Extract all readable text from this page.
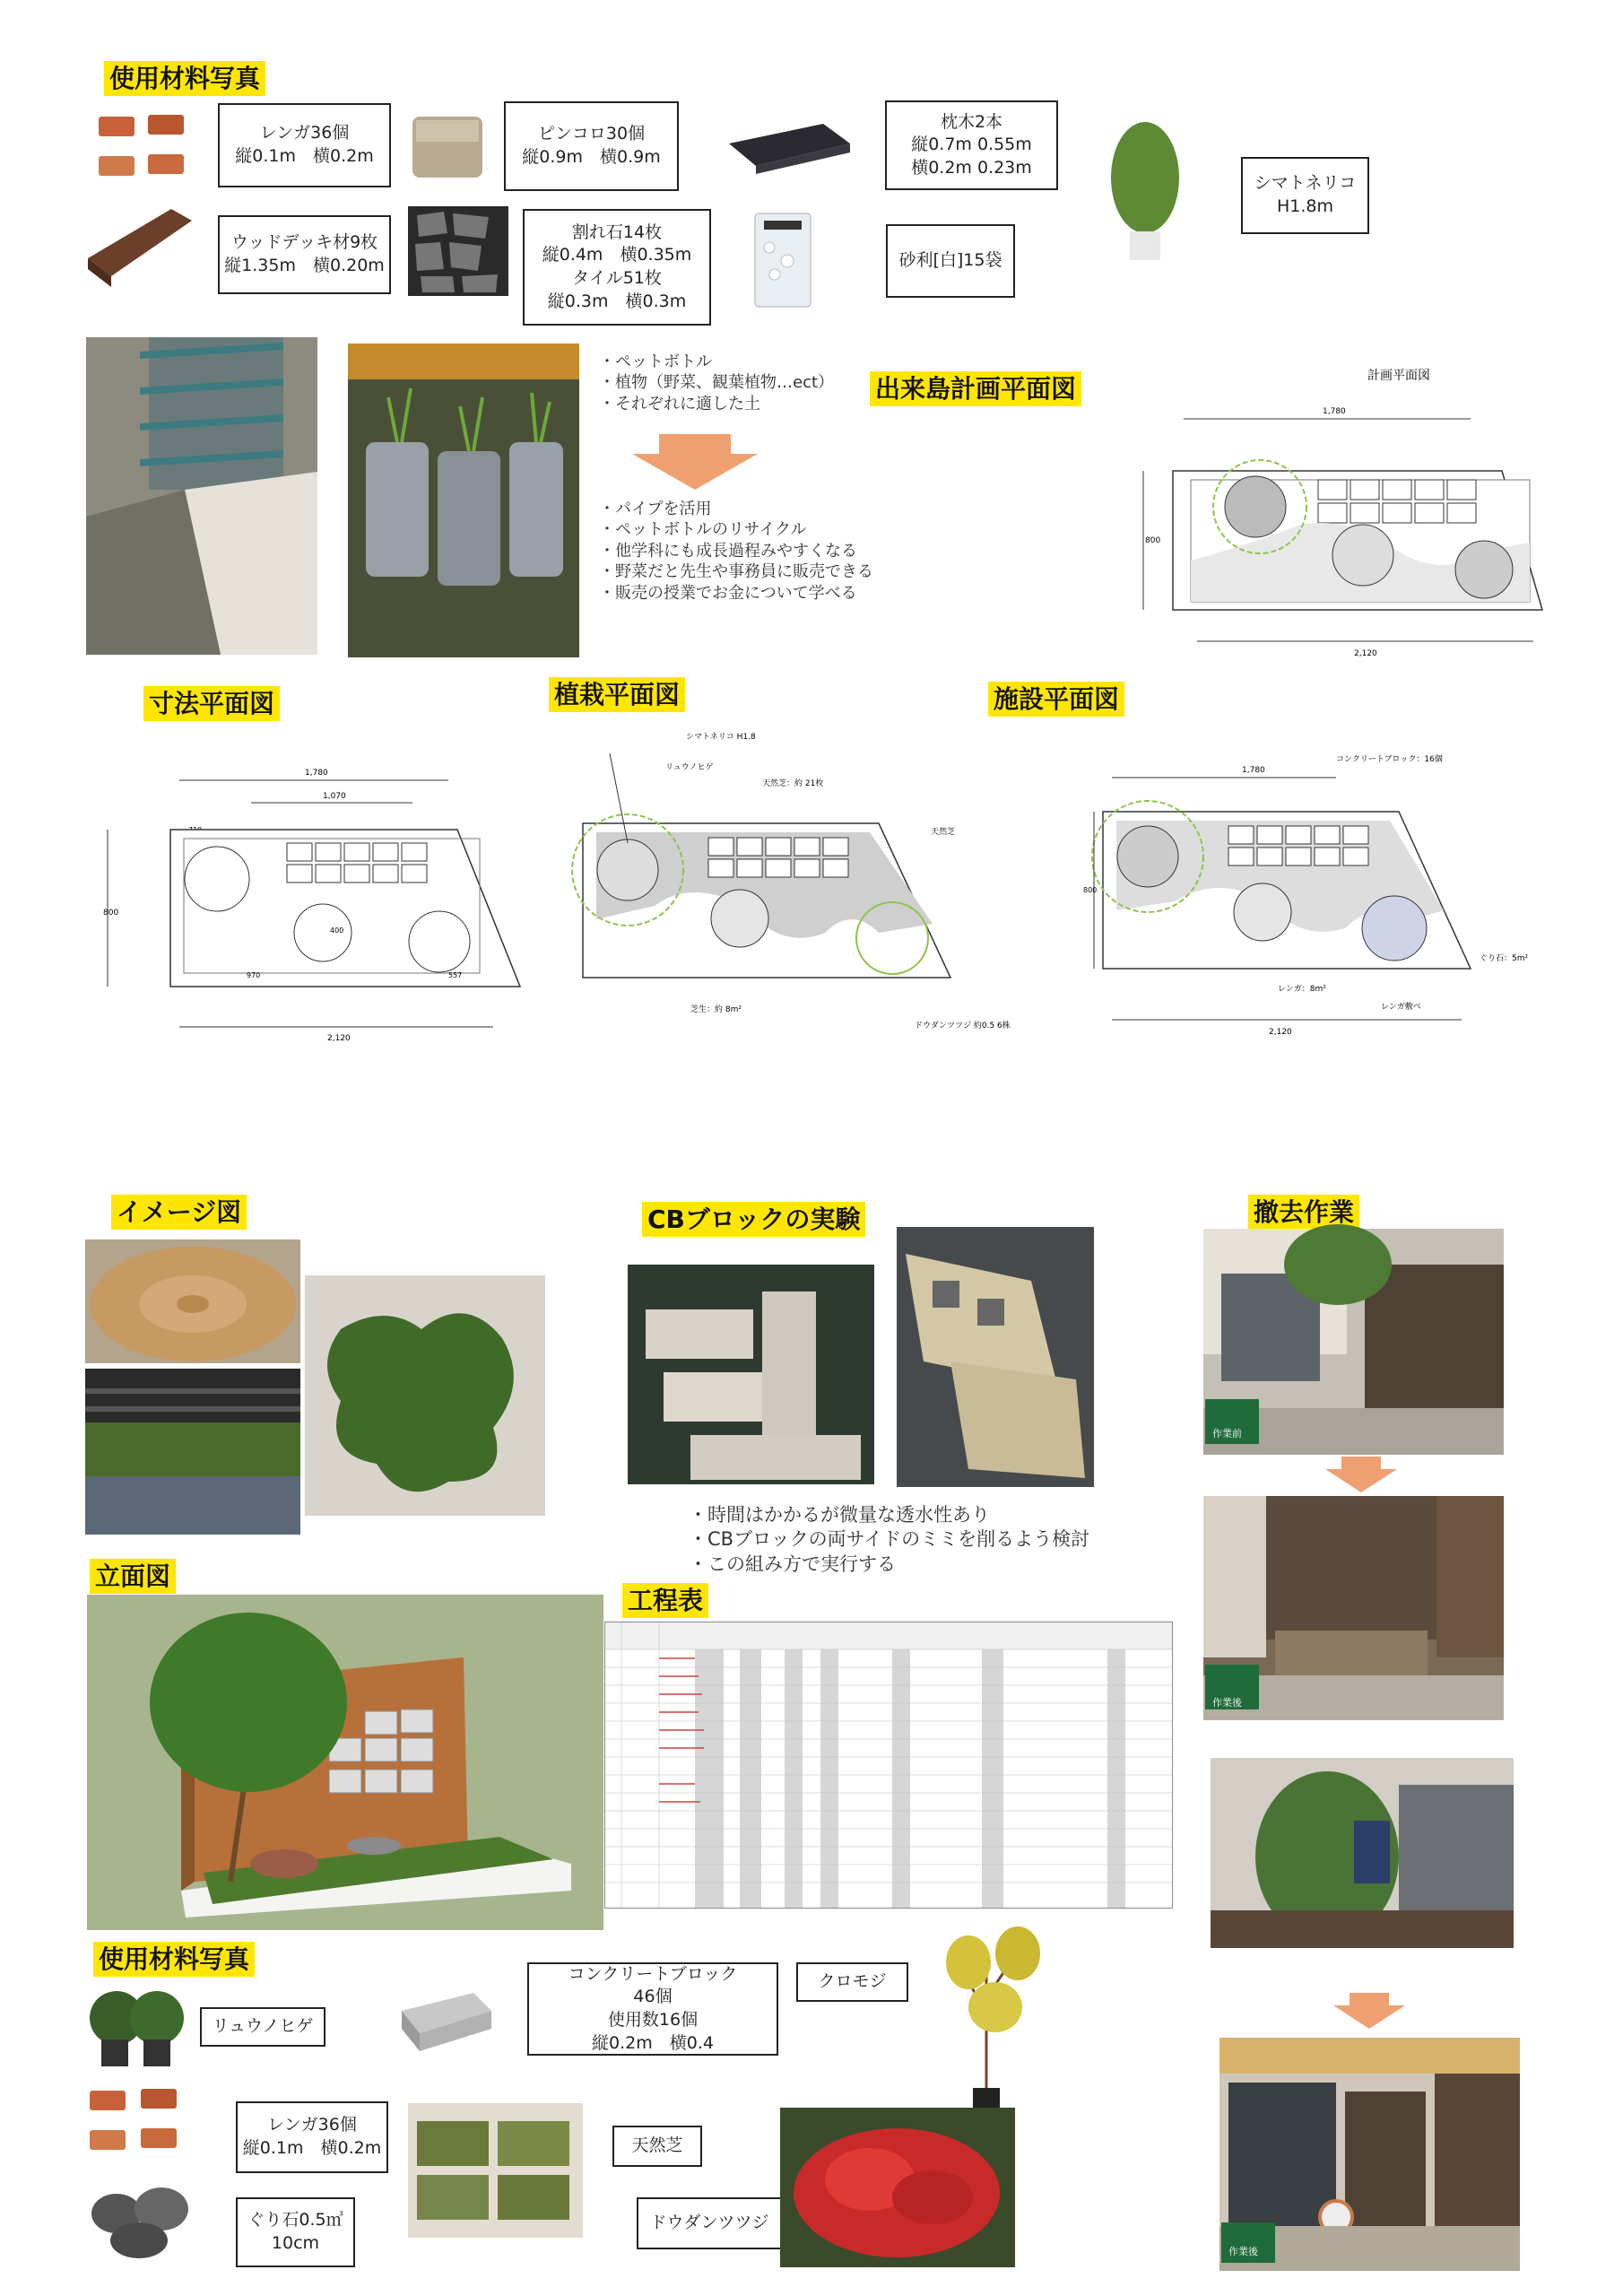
使用材料写真
出来島計画平面図
寸法平面図	植栽平面図	施設平面図
イメージ図	CBブロックの実験	撤去作業
立面図
工程表
使用材料写真
レンガ36個
縦0.1m　横0.2m
ピンコロ30個
縦0.9m　横0.9m
枕木2本
縦0.7m 0.55m
横0.2m 0.23m
シマトネリコ
H1.8m
ウッドデッキ材9枚
縦1.35m　横0.20m
割れ石14枚
縦0.4m　横0.35m
タイル51枚
縦0.3m　横0.3m
砂利[白]15袋
・ペットボトル
・植物（野菜、観葉植物…ect）
・それぞれに適した土
・パイプを活用
・ペットボトルのリサイクル
・他学科にも成長過程みやすくなる
・野菜だと先生や事務員に販売できる
・販売の授業でお金について学べる
計画平面図
1,780
800
2,120
1,780
1,070
800
970
400
557
2,120
シマトネリコ H1.8
リュウノヒゲ
天然芝：約 21枚
天然芝
芝生：約 8m²
ドウダンツツジ 約0.5 6株
コンクリートブロック：16個
1,780
800
ぐり石：5m²
レンガ：8m²
レンガ敷べ
2,120
・時間はかかるが微量な透水性あり
・CBブロックの両サイドのミミを削るよう検討
・この組み方で実行する
作業前
作業後
作業後
リュウノヒゲ
コンクリートブロック
46個
使用数16個
縦0.2m　横0.4
クロモジ
レンガ36個
縦0.1m　横0.2m	天然芝
ぐり石0.5㎥
10cm
ドウダンツツジ
